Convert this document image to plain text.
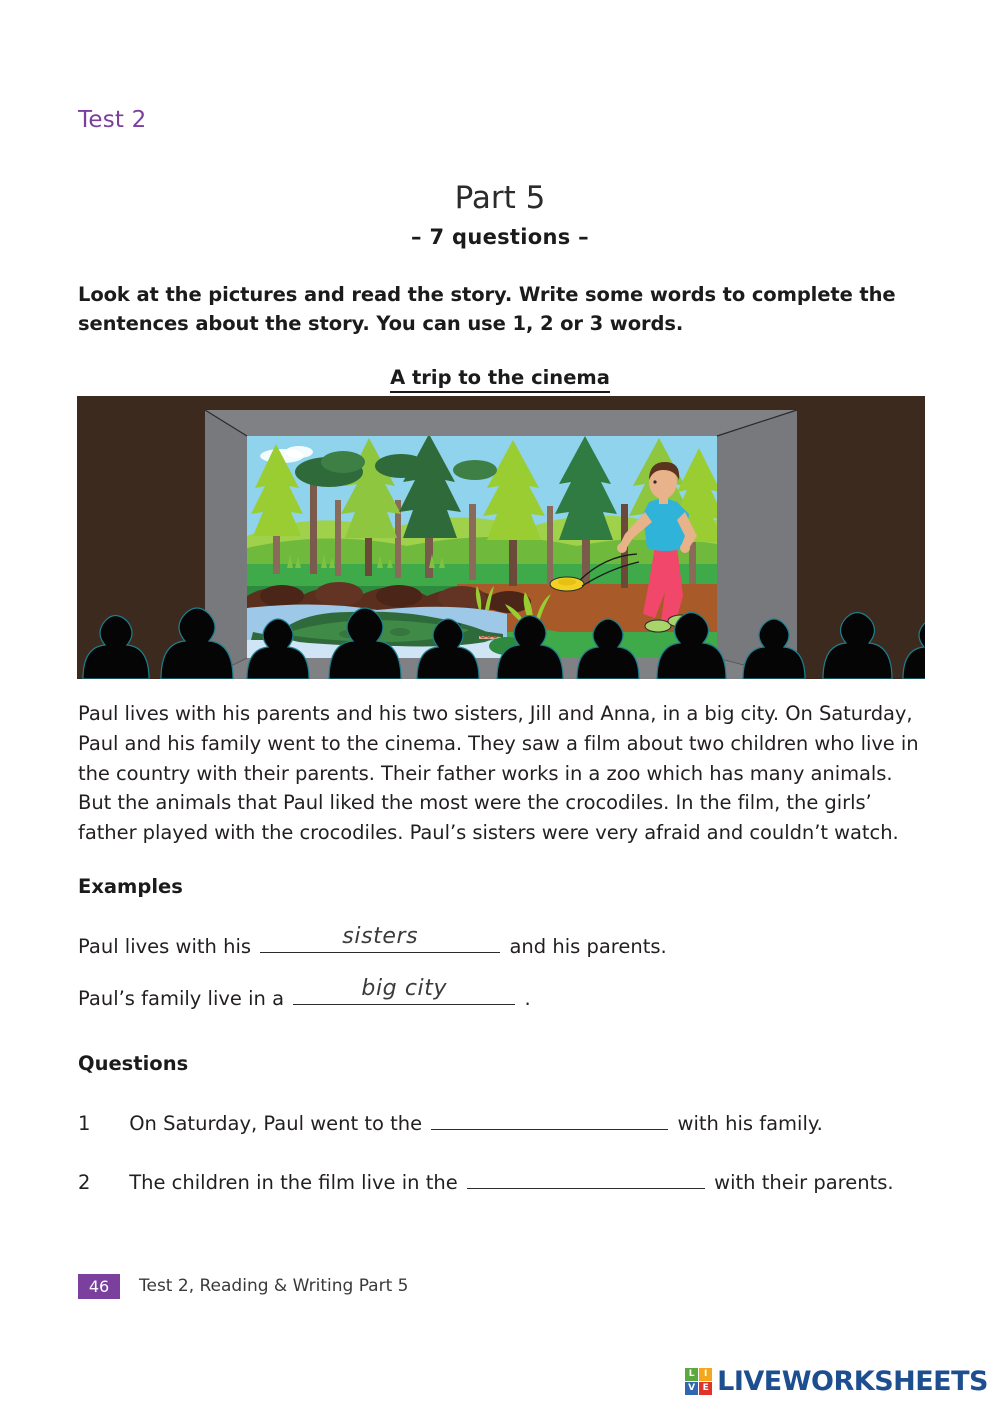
Test 2
Part 5
– 7 questions –
Look at the pictures and read the story. Write some words to complete the sentences about the story. You can use 1, 2 or 3 words.
A trip to the cinema
Paul lives with his parents and his two sisters, Jill and Anna, in a big city. On Saturday, Paul and his family went to the cinema. They saw a film about two children who live in the country with their parents. Their father works in a zoo which has many animals. But the animals that Paul liked the most were the crocodiles. In the film, the girls’ father played with the crocodiles. Paul’s sisters were very afraid and couldn’t watch.
Examples
Paul lives with his	sisters	and his parents.
Paul’s family live in a	big city	.
Questions
1 On Saturday, Paul went to the	with his family.
2 The children in the film live in the	with their parents.
46	Test 2, Reading & Writing Part 5
L	I
V E LIVEWORKSHEETS
